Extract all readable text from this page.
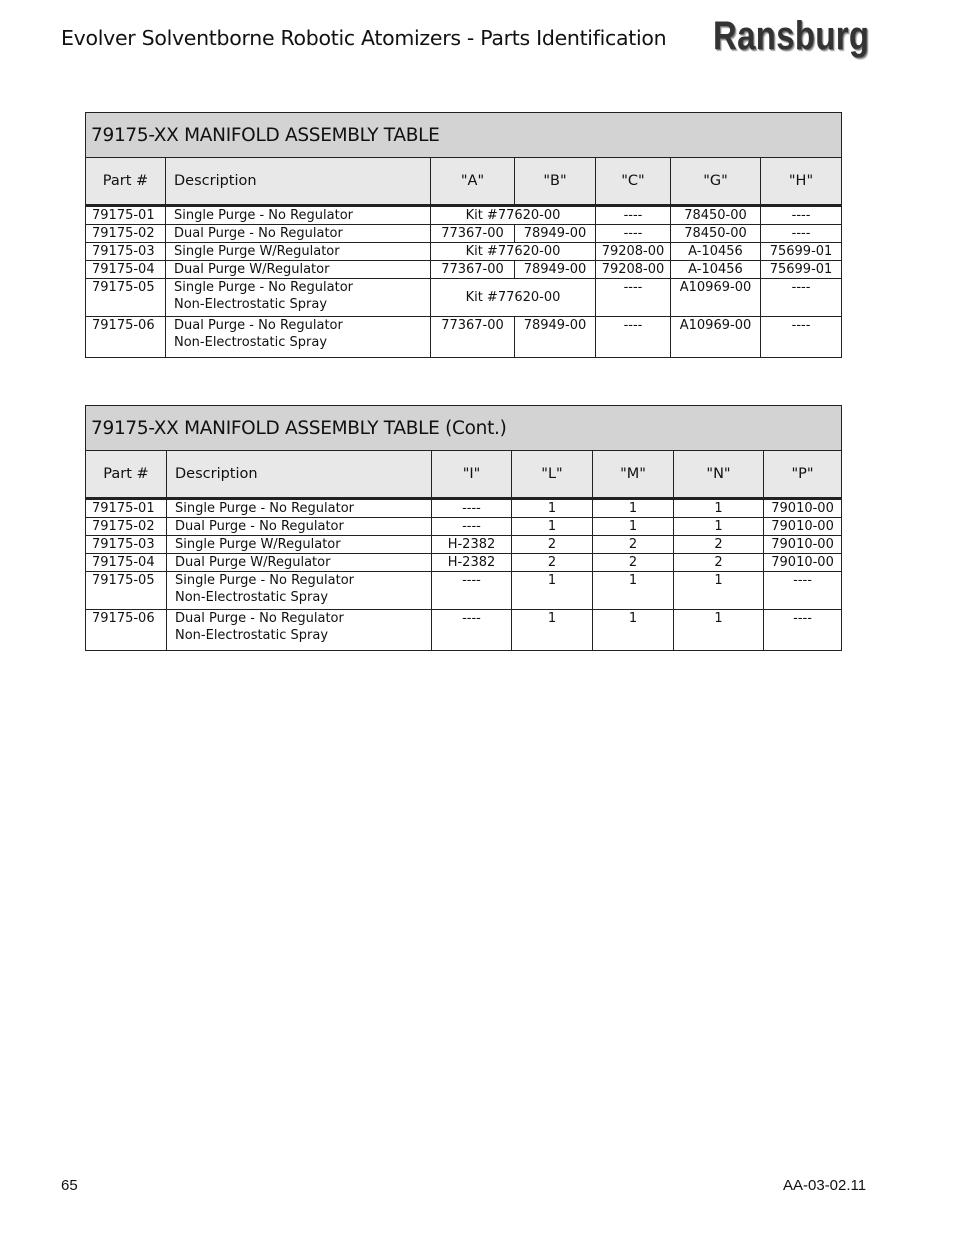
Evolver Solventborne Robotic Atomizers - Parts Identification Ransburg
79175-XX MANIFOLD ASSEMBLY TABLE						
Part #	Description	"A"	"B"	"C"	"G"	"H"
79175-01	Single Purge - No Regulator	Kit #77620-00		----	78450-00	----
79175-02	Dual Purge - No Regulator	77367-00	78949-00	----	78450-00	----
79175-03	Single Purge W/Regulator	Kit #77620-00		79208-00	A-10456	75699-01
79175-04	Dual Purge W/Regulator	77367-00	78949-00	79208-00	A-10456	75699-01
79175-05	Single Purge - No Regulator
Non-Electrostatic Spray	Kit #77620-00		----	A10969-00	----
79175-06	Dual Purge - No Regulator
Non-Electrostatic Spray	77367-00	78949-00	----	A10969-00	----
79175-XX MANIFOLD ASSEMBLY TABLE (Cont.)						
Part #	Description	"I"	"L"	"M"	"N"	"P"
79175-01	Single Purge - No Regulator	----	1	1	1	79010-00
79175-02	Dual Purge - No Regulator	----	1	1	1	79010-00
79175-03	Single Purge W/Regulator	H-2382	2	2	2	79010-00
79175-04	Dual Purge W/Regulator	H-2382	2	2	2	79010-00
79175-05	Single Purge - No Regulator
Non-Electrostatic Spray	----	1	1	1	----
79175-06	Dual Purge - No Regulator
Non-Electrostatic Spray	----	1	1	1	----
65	AA-03-02.11
